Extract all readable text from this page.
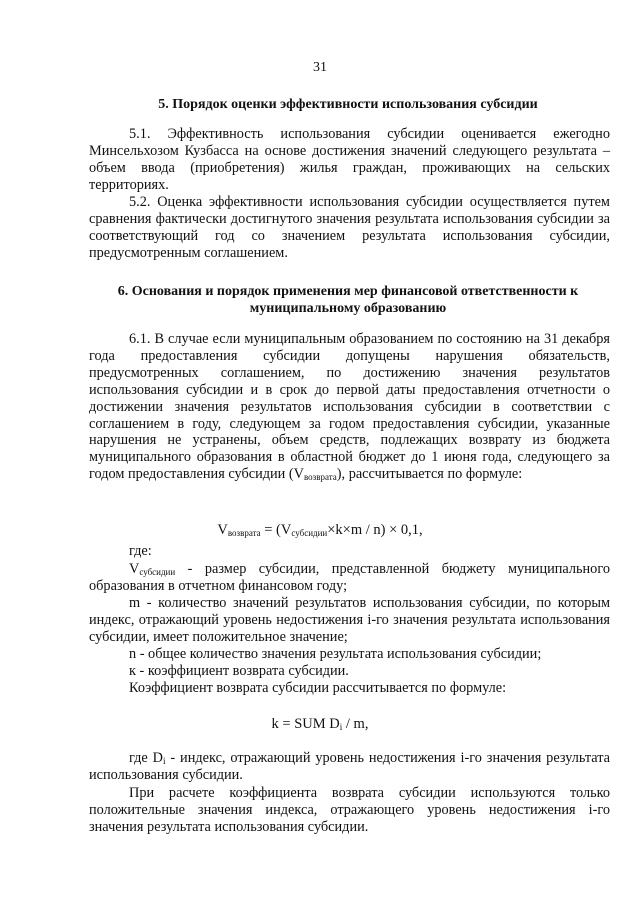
31

5. Порядок оценки эффективности использования субсидии

5.1. Эффективность использования субсидии оценивается ежегодно Минсельхозом Кузбасса на основе достижения значений следующего результата – объем ввода (приобретения) жилья граждан, проживающих на сельских территориях.

5.2. Оценка эффективности использования субсидии осуществляется путем сравнения фактически достигнутого значения результата использования субсидии за соответствующий год со значением результата использования субсидии, предусмотренным соглашением.

6. Основания и порядок применения мер финансовой ответственности к
муниципальному образованию

6.1. В случае если муниципальным образованием по состоянию на 31 декабря года предоставления субсидии допущены нарушения обязательств, предусмотренных соглашением, по достижению значения результатов использования субсидии и в срок до первой даты предоставления отчетности о достижении значения результатов использования субсидии в соответствии с соглашением в году, следующем за годом предоставления субсидии, указанные нарушения не устранены, объем средств, подлежащих возврату из бюджета муниципального образования в областной бюджет до 1 июня года, следующего за годом предоставления субсидии $(V_{возврата})$, рассчитывается по формуле:

$V_{возврата} = (V_{субсидии}\times k\times m / n) \times 0,1$,

где:

$V_{субсидии}$ - размер субсидии, представленной бюджету муниципального образования в отчетном финансовом году;

m - количество значений результатов использования субсидии, по которым индекс, отражающий уровень недостижения i-го значения результата использования субсидии, имеет положительное значение;

n - общее количество значения результата использования субсидии;

к - коэффициент возврата субсидии.

Коэффициент возврата субсидии рассчитывается по формуле:

k = SUM $D_i$ / m,

где $D_i$ - индекс, отражающий уровень недостижения i-го значения результата использования субсидии.

При расчете коэффициента возврата субсидии используются только положительные значения индекса, отражающего уровень недостижения i-го значения результата использования субсидии.
